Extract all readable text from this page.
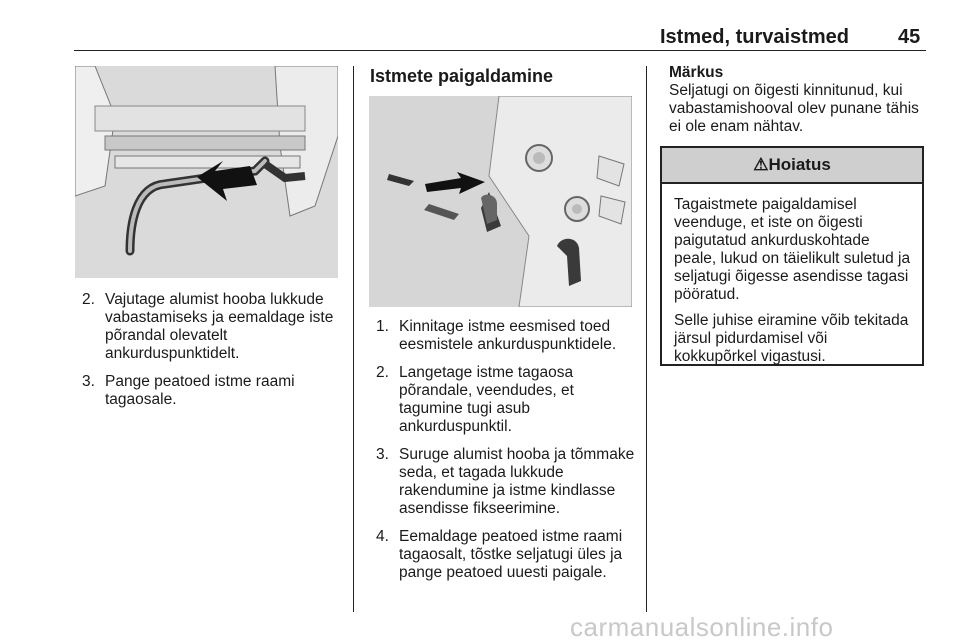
Istmed, turvaistmed 45
2. Vajutage alumist hooba lukkude vabastamiseks ja eemaldage iste põrandal olevatelt ankurduspunktidelt.
3. Pange peatoed istme raami tagaosale.
Istmete paigaldamine
1. Kinnitage istme eesmised toed eesmistele ankurduspunktidele.
2. Langetage istme tagaosa põrandale, veendudes, et tagumine tugi asub ankurduspunktil.
3. Suruge alumist hooba ja tõmmake seda, et tagada lukkude rakendumine ja istme kindlasse asendisse fikseerimine.
4. Eemaldage peatoed istme raami tagaosalt, tõstke seljatugi üles ja pange peatoed uuesti paigale.
Märkus
Seljatugi on õigesti kinnitunud, kui vabastamishooval olev punane tähis ei ole enam nähtav.
⚠ Hoiatus

Tagaistmete paigaldamisel veenduge, et iste on õigesti paigutatud ankurduskohtade peale, lukud on täielikult suletud ja seljatugi õigesse asendisse tagasi pööratud.

Selle juhise eiramine võib tekitada järsul pidurdamisel või kokkupõrkel vigastusi.

carmanualsonline.info
